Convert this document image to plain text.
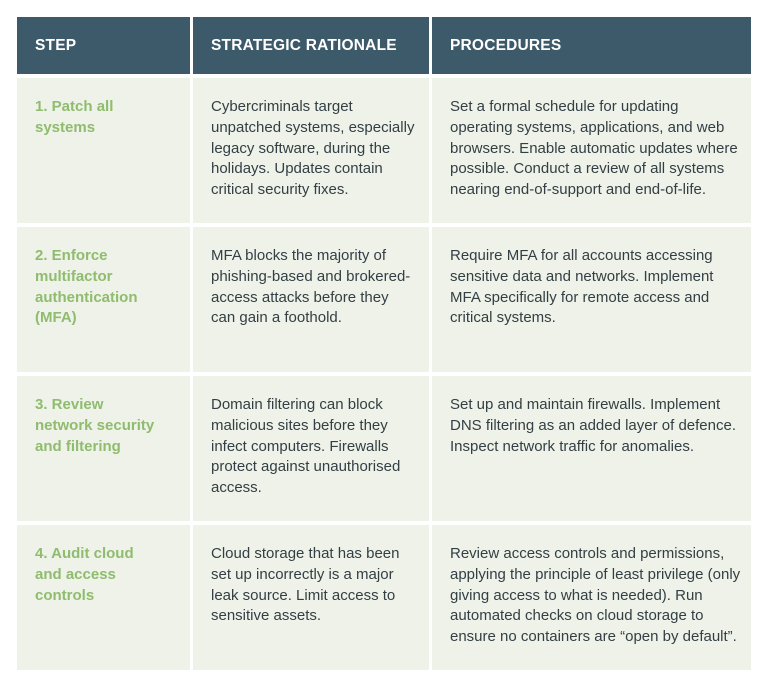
STEP	STRATEGIC RATIONALE	PROCEDURES
1. Patch all systems
Cybercriminals target unpatched systems, especially legacy software, during the holidays. Updates contain critical security fixes.
Set a formal schedule for updating operating systems, applications, and web browsers. Enable automatic updates where possible. Conduct a review of all systems nearing end-of-support and end-of-life.
2. Enforce multifactor authentication (MFA)
MFA blocks the majority of phishing-based and brokered-access attacks before they can gain a foothold.
Require MFA for all accounts accessing sensitive data and networks. Implement MFA specifically for remote access and critical systems.
3. Review network security and filtering
Domain filtering can block malicious sites before they infect computers. Firewalls protect against unauthorised access.
Set up and maintain firewalls. Implement DNS filtering as an added layer of defence. Inspect network traffic for anomalies.
4. Audit cloud and access controls
Cloud storage that has been set up incorrectly is a major leak source. Limit access to sensitive assets.
Review access controls and permissions, applying the principle of least privilege (only giving access to what is needed). Run automated checks on cloud storage to ensure no containers are “open by default”.
